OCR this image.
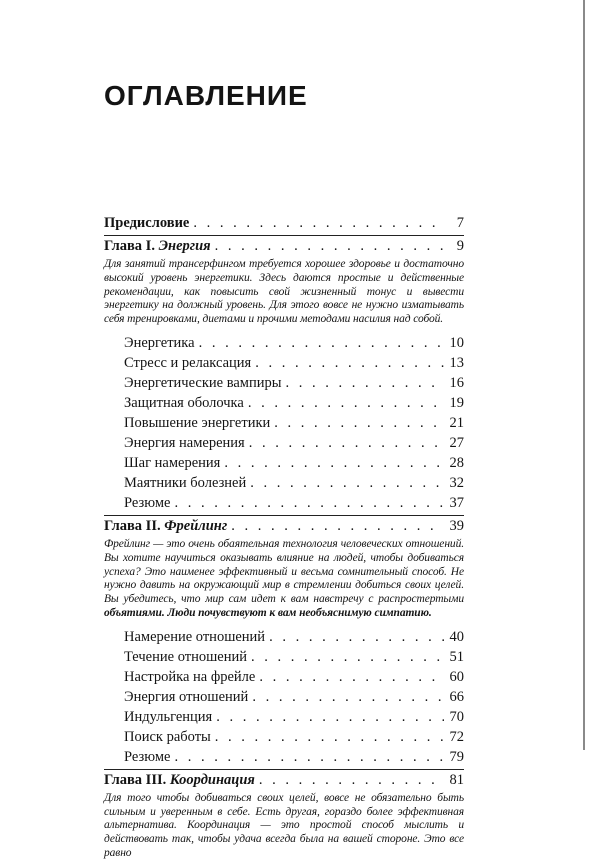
ОГЛАВЛЕНИЕ
Предисловие . . .	7
Глава I. Энергия . . .	9

Для занятий трансерфингом требуется хорошее здоровье и достаточно высокий уровень энергетики. Здесь даются простые и действенные рекомендации, как повысить свой жизненный тонус и вывести энергетику на должный уровень. Для этого вовсе не нужно изматывать себя тренировками, диетами и прочими методами насилия над собой.

Энергетика . . .	10
Стресс и релаксация . . .	13
Энергетические вампиры . . .	16
Защитная оболочка . . .	19
Повышение энергетики . . .	21
Энергия намерения . . .	27
Шаг намерения . . .	28
Маятники болезней . . .	32
Резюме . . .	37
Глава II. Фрейлинг . . .	39

Фрейлинг — это очень обаятельная технология человеческих отношений. Вы хотите научиться оказывать влияние на людей, чтобы добиваться успеха? Это наименее эффективный и весьма сомнительный способ. Не нужно давить на окружающий мир в стремлении добиться своих целей. Вы убедитесь, что мир сам идет к вам навстречу с распростертыми объятиями. Люди почувствуют к вам необъяснимую симпатию.

Намерение отношений . . .	40
Течение отношений . . .	51
Настройка на фрейле . . .	60
Энергия отношений . . .	66
Индульгенция . . .	70
Поиск работы . . .	72
Резюме . . .	79
Глава III. Координация . . .	81

Для того чтобы добиваться своих целей, вовсе не обязательно быть сильным и уверенным в себе. Есть другая, гораздо более эффективная альтернатива. Координация — это простой способ мыслить и действовать так, чтобы удача всегда была на вашей стороне. Это все равно
